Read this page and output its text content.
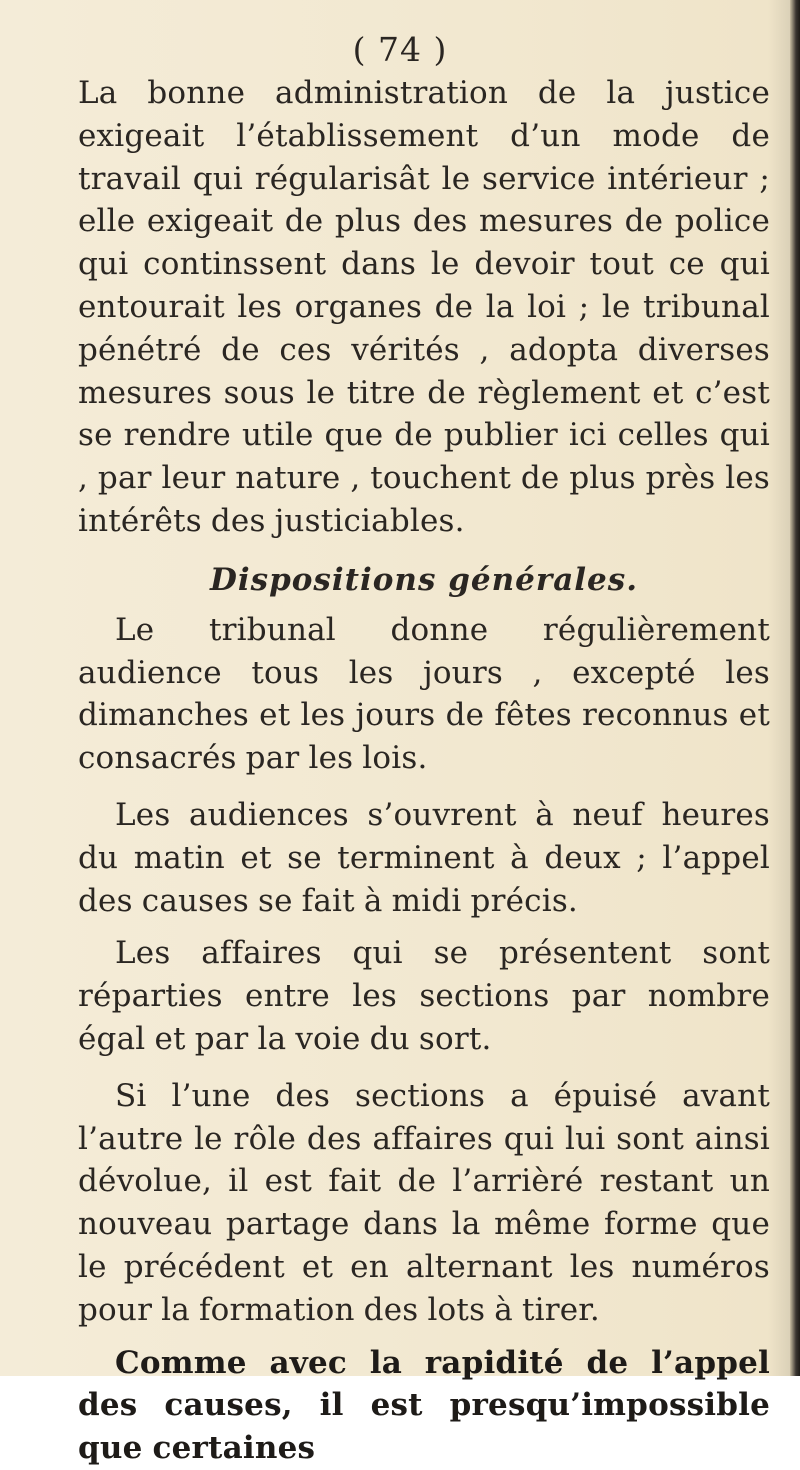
( 74 )

La bonne administration de la justice exigeait l’établissement d’un mode de travail qui régularisât le service intérieur ; elle exigeait de plus des mesures de police qui continssent dans le devoir tout ce qui entourait les organes de la loi ; le tribunal pénétré de ces vérités , adopta diverses mesures sous le titre de règlement et c’est se rendre utile que de publier ici celles qui , par leur nature , touchent de plus près les intérêts des justiciables.

Dispositions générales.

Le tribunal donne régulièrement audience tous les jours , excepté les dimanches et les jours de fêtes reconnus et consacrés par les lois.

Les audiences s’ouvrent à neuf heures du matin et se terminent à deux ; l’appel des causes se fait à midi précis.

Les affaires qui se présentent sont réparties entre les sections par nombre égal et par la voie du sort.

Si l’une des sections a épuisé avant l’autre le rôle des affaires qui lui sont ainsi dévolue, il est fait de l’arrièré restant un nouveau partage dans la même forme que le précédent et en alternant les numéros pour la formation des lots à tirer.

Comme avec la rapidité de l’appel des causes, il est presqu’impossible que certaines
